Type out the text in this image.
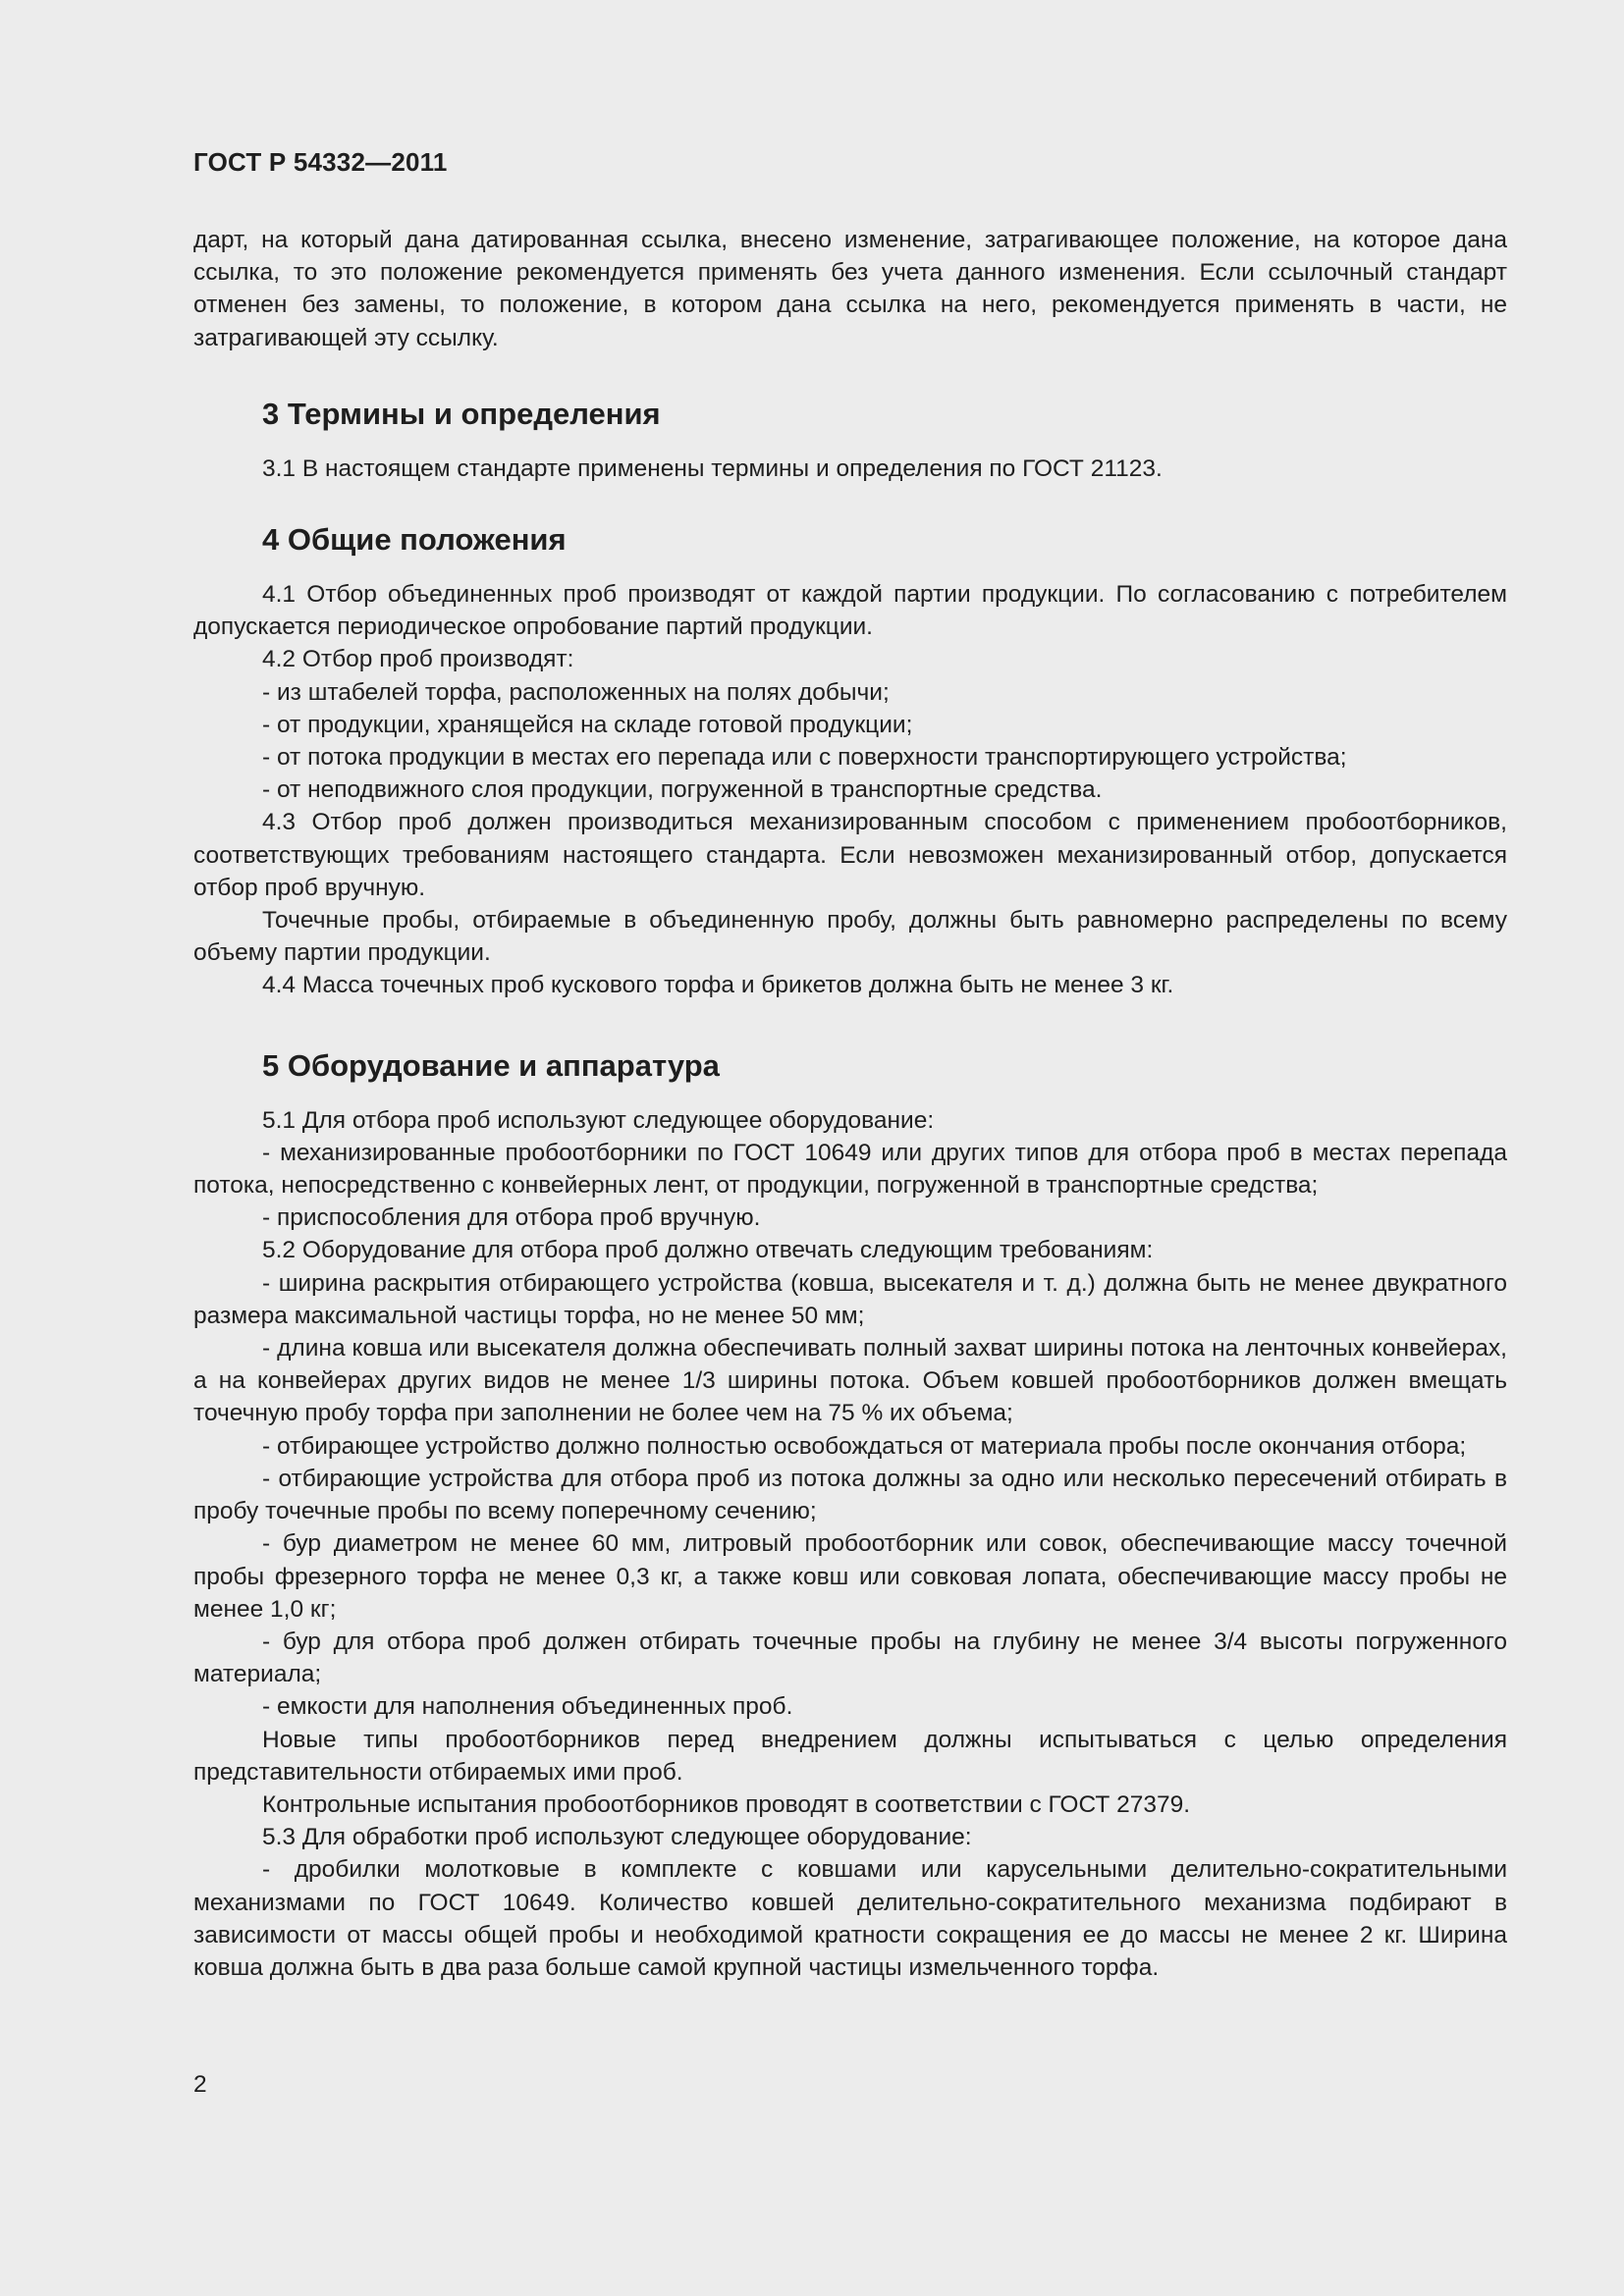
ГОСТ Р 54332—2011

дарт, на который дана датированная ссылка, внесено изменение, затрагивающее положение, на которое дана ссылка, то это положение рекомендуется применять без учета данного изменения. Если ссылочный стандарт отменен без замены, то положение, в котором дана ссылка на него, рекомендуется применять в части, не затрагивающей эту ссылку.

3 Термины и определения

3.1 В настоящем стандарте применены термины и определения по ГОСТ 21123.

4 Общие положения

4.1 Отбор объединенных проб производят от каждой партии продукции. По согласованию с потребителем допускается периодическое опробование партий продукции.

4.2 Отбор проб производят:

- из штабелей торфа, расположенных на полях добычи;

- от продукции, хранящейся на складе готовой продукции;

- от потока продукции в местах его перепада или с поверхности транспортирующего устройства;

- от неподвижного слоя продукции, погруженной в транспортные средства.

4.3 Отбор проб должен производиться механизированным способом с применением пробоотборников, соответствующих требованиям настоящего стандарта. Если невозможен механизированный отбор, допускается отбор проб вручную.

Точечные пробы, отбираемые в объединенную пробу, должны быть равномерно распределены по всему объему партии продукции.

4.4 Масса точечных проб кускового торфа и брикетов должна быть не менее 3 кг.

5 Оборудование и аппаратура

5.1 Для отбора проб используют следующее оборудование:

- механизированные пробоотборники по ГОСТ 10649 или других типов для отбора проб в местах перепада потока, непосредственно с конвейерных лент, от продукции, погруженной в транспортные средства;

- приспособления для отбора проб вручную.

5.2 Оборудование для отбора проб должно отвечать следующим требованиям:

- ширина раскрытия отбирающего устройства (ковша, высекателя и т. д.) должна быть не менее двукратного размера максимальной частицы торфа, но не менее 50 мм;

- длина ковша или высекателя должна обеспечивать полный захват ширины потока на ленточных конвейерах, а на конвейерах других видов не менее 1/3 ширины потока. Объем ковшей пробоотборников должен вмещать точечную пробу торфа при заполнении не более чем на 75 % их объема;

- отбирающее устройство должно полностью освобождаться от материала пробы после окончания отбора;

- отбирающие устройства для отбора проб из потока должны за одно или несколько пересечений отбирать в пробу точечные пробы по всему поперечному сечению;

- бур диаметром не менее 60 мм, литровый пробоотборник или совок, обеспечивающие массу точечной пробы фрезерного торфа не менее 0,3 кг, а также ковш или совковая лопата, обеспечивающие массу пробы не менее 1,0 кг;

- бур для отбора проб должен отбирать точечные пробы на глубину не менее 3/4 высоты погруженного материала;

- емкости для наполнения объединенных проб.

Новые типы пробоотборников перед внедрением должны испытываться с целью определения представительности отбираемых ими проб.

Контрольные испытания пробоотборников проводят в соответствии с ГОСТ 27379.

5.3 Для обработки проб используют следующее оборудование:

- дробилки молотковые в комплекте с ковшами или карусельными делительно-сократительными механизмами по ГОСТ 10649. Количество ковшей делительно-сократительного механизма подбирают в зависимости от массы общей пробы и необходимой кратности сокращения ее до массы не менее 2 кг. Ширина ковша должна быть в два раза больше самой крупной частицы измельченного торфа.

2
